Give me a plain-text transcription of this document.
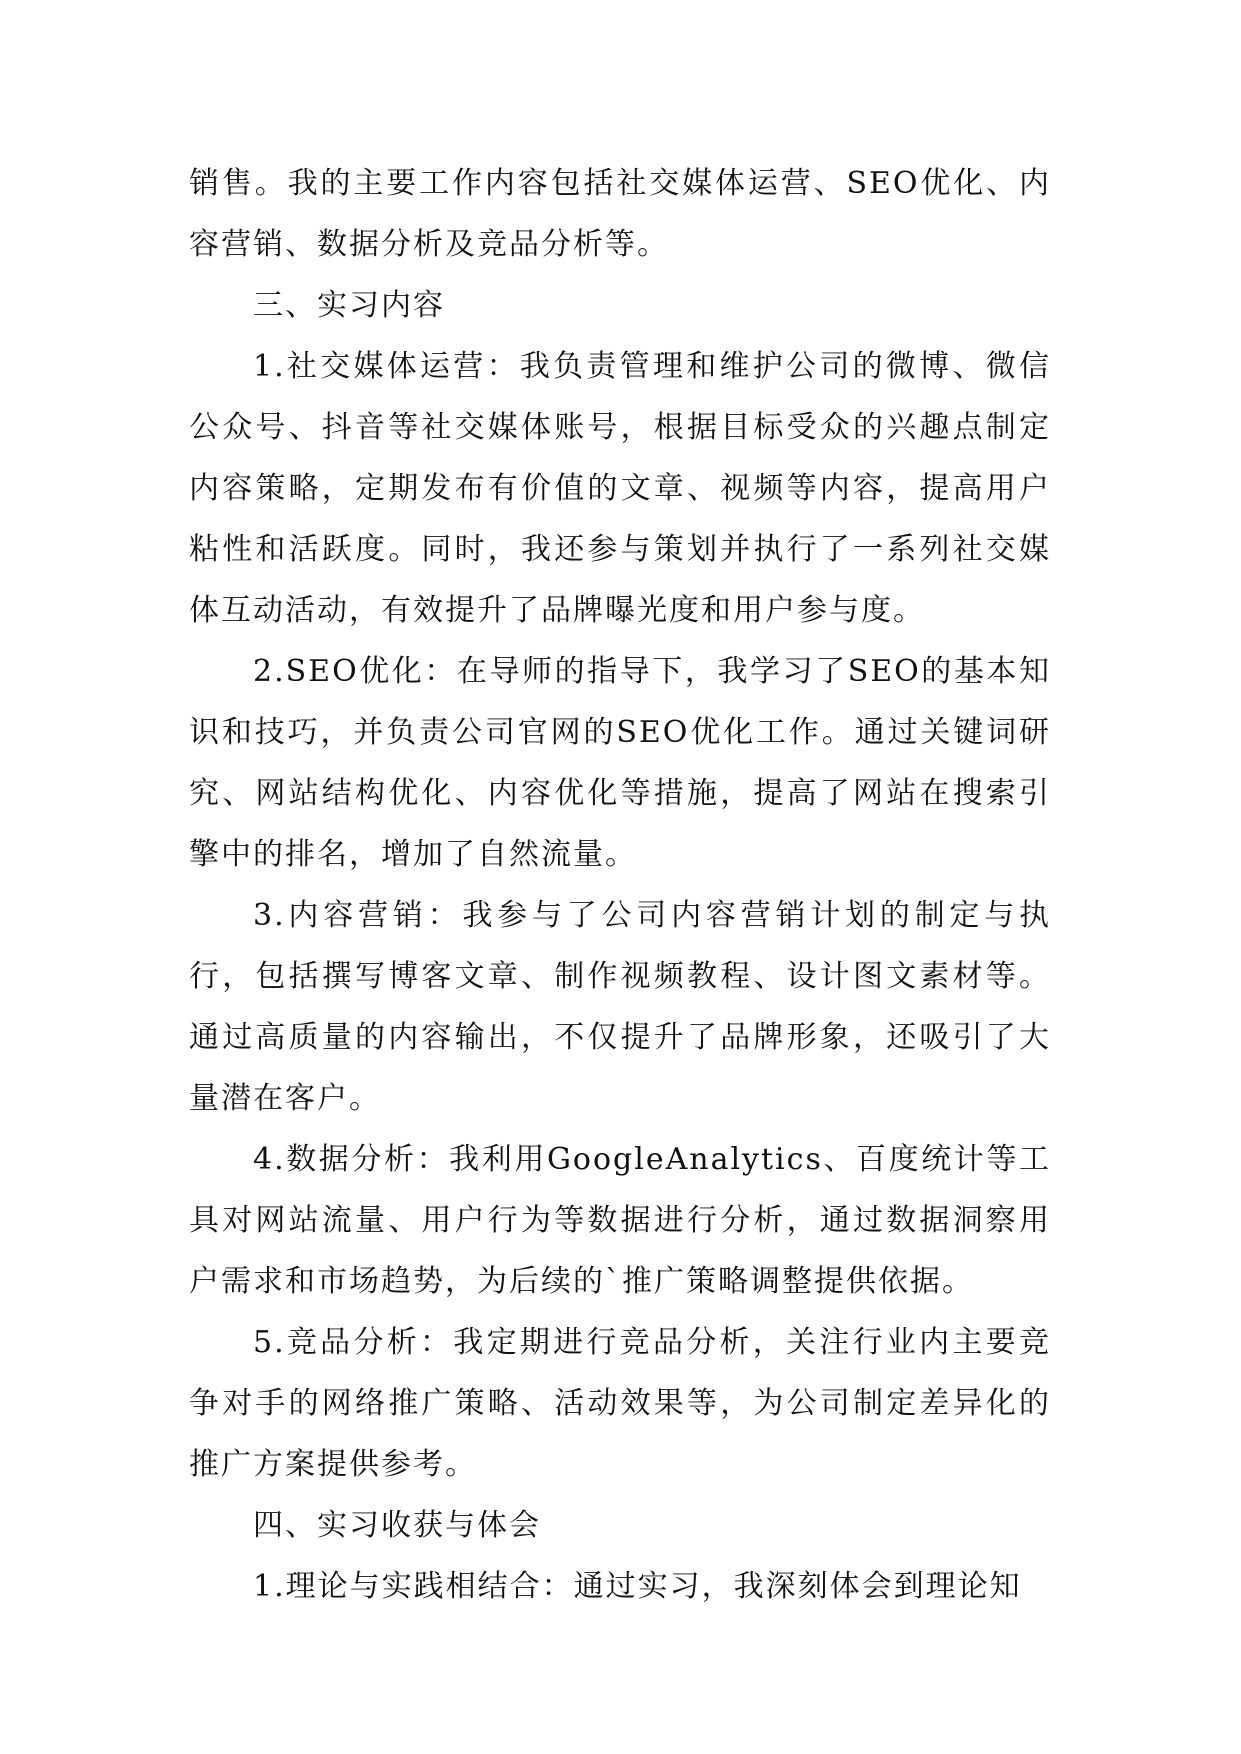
销售。我的主要工作内容包括社交媒体运营、SEO优化、内容营销、数据分析及竞品分析等。

三、实习内容

1.社交媒体运营：我负责管理和维护公司的微博、微信公众号、抖音等社交媒体账号，根据目标受众的兴趣点制定内容策略，定期发布有价值的文章、视频等内容，提高用户粘性和活跃度。同时，我还参与策划并执行了一系列社交媒体互动活动，有效提升了品牌曝光度和用户参与度。

2.SEO优化：在导师的指导下，我学习了SEO的基本知识和技巧，并负责公司官网的SEO优化工作。通过关键词研究、网站结构优化、内容优化等措施，提高了网站在搜索引擎中的排名，增加了自然流量。

3.内容营销：我参与了公司内容营销计划的制定与执行，包括撰写博客文章、制作视频教程、设计图文素材等。通过高质量的内容输出，不仅提升了品牌形象，还吸引了大量潜在客户。

4.数据分析：我利用GoogleAnalytics、百度统计等工具对网站流量、用户行为等数据进行分析，通过数据洞察用户需求和市场趋势，为后续的`推广策略调整提供依据。

5.竞品分析：我定期进行竞品分析，关注行业内主要竞争对手的网络推广策略、活动效果等，为公司制定差异化的推广方案提供参考。

四、实习收获与体会

1.理论与实践相结合：通过实习，我深刻体会到理论知
